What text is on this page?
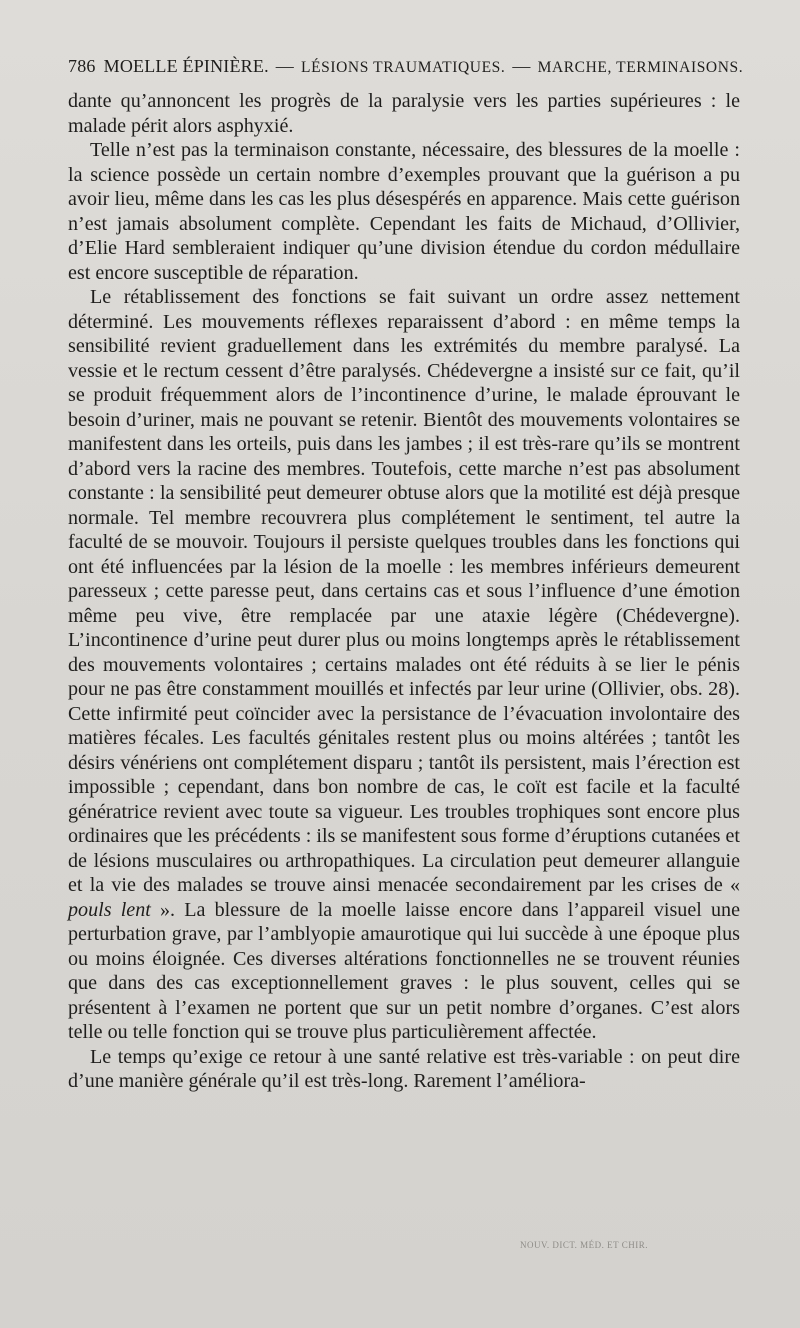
786 MOELLE ÉPINIÈRE. — LÉSIONS TRAUMATIQUES. — MARCHE, TERMINAISONS.

dante qu’annoncent les progrès de la paralysie vers les parties supérieures : le malade périt alors asphyxié.

Telle n’est pas la terminaison constante, nécessaire, des blessures de la moelle : la science possède un certain nombre d’exemples prouvant que la guérison a pu avoir lieu, même dans les cas les plus désespérés en apparence. Mais cette guérison n’est jamais absolument complète. Cependant les faits de Michaud, d’Ollivier, d’Elie Hard sembleraient indiquer qu’une division étendue du cordon médullaire est encore susceptible de réparation.

Le rétablissement des fonctions se fait suivant un ordre assez nettement déterminé. Les mouvements réflexes reparaissent d’abord : en même temps la sensibilité revient graduellement dans les extrémités du membre paralysé. La vessie et le rectum cessent d’être paralysés. Chédevergne a insisté sur ce fait, qu’il se produit fréquemment alors de l’incontinence d’urine, le malade éprouvant le besoin d’uriner, mais ne pouvant se retenir. Bientôt des mouvements volontaires se manifestent dans les orteils, puis dans les jambes ; il est très-rare qu’ils se montrent d’abord vers la racine des membres. Toutefois, cette marche n’est pas absolument constante : la sensibilité peut demeurer obtuse alors que la motilité est déjà presque normale. Tel membre recouvrera plus complétement le sentiment, tel autre la faculté de se mouvoir. Toujours il persiste quelques troubles dans les fonctions qui ont été influencées par la lésion de la moelle : les membres inférieurs demeurent paresseux ; cette paresse peut, dans certains cas et sous l’influence d’une émotion même peu vive, être remplacée par une ataxie légère (Chédevergne). L’incontinence d’urine peut durer plus ou moins longtemps après le rétablissement des mouvements volontaires ; certains malades ont été réduits à se lier le pénis pour ne pas être constamment mouillés et infectés par leur urine (Ollivier, obs. 28). Cette infirmité peut coïncider avec la persistance de l’évacuation involontaire des matières fécales. Les facultés génitales restent plus ou moins altérées ; tantôt les désirs vénériens ont complétement disparu ; tantôt ils persistent, mais l’érection est impossible ; cependant, dans bon nombre de cas, le coït est facile et la faculté génératrice revient avec toute sa vigueur. Les troubles trophiques sont encore plus ordinaires que les précédents : ils se manifestent sous forme d’éruptions cutanées et de lésions musculaires ou arthropathiques. La circulation peut demeurer allanguie et la vie des malades se trouve ainsi menacée secondairement par les crises de « pouls lent ». La blessure de la moelle laisse encore dans l’appareil visuel une perturbation grave, par l’amblyopie amaurotique qui lui succède à une époque plus ou moins éloignée. Ces diverses altérations fonctionnelles ne se trouvent réunies que dans des cas exceptionnellement graves : le plus souvent, celles qui se présentent à l’examen ne portent que sur un petit nombre d’organes. C’est alors telle ou telle fonction qui se trouve plus particulièrement affectée.

Le temps qu’exige ce retour à une santé relative est très-variable : on peut dire d’une manière générale qu’il est très-long. Rarement l’améliora-

NOUV. DICT. MÉD. ET CHIR.
